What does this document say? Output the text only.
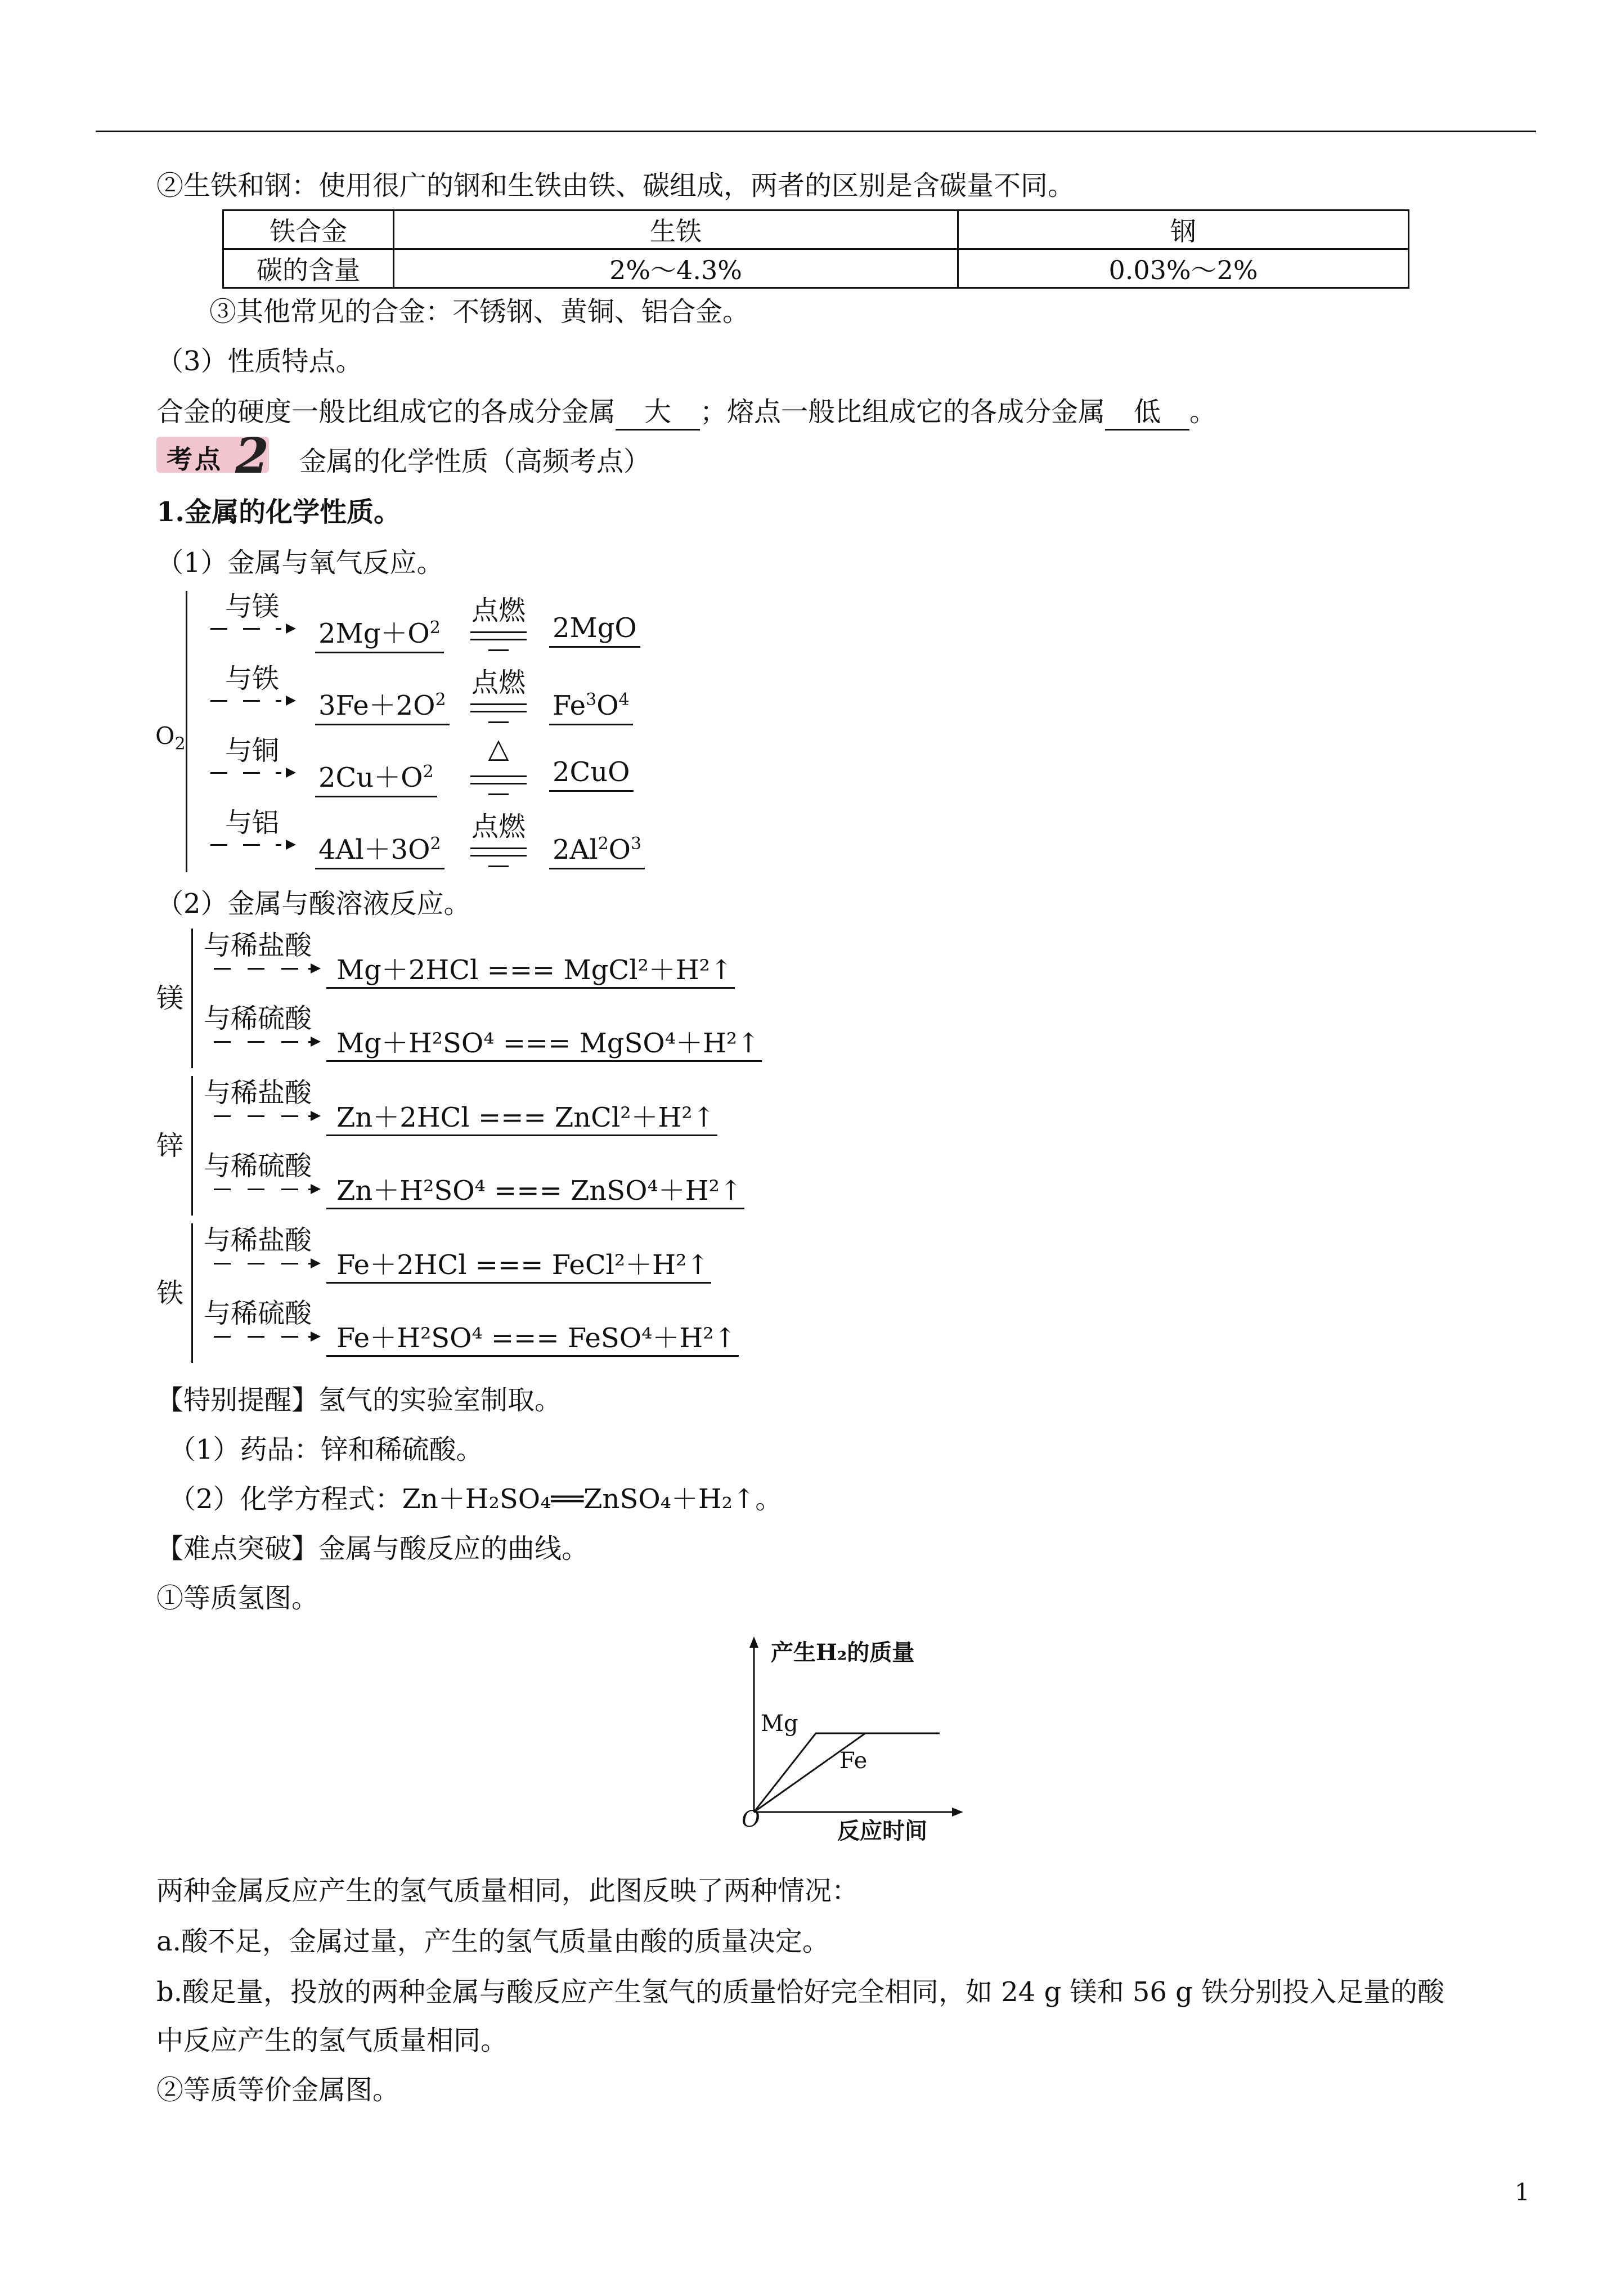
②生铁和钢：使用很广的钢和生铁由铁、碳组成，两者的区别是含碳量不同。
铁合金	生铁	钢
碳的含量	2%～4.3%	0.03%～2%
③其他常见的合金：不锈钢、黄铜、铝合金。
（3）性质特点。
合金的硬度一般比组成它的各成分金属 大 ；熔点一般比组成它的各成分金属 低 。
考点 2 金属的化学性质（高频考点）
1.金属的化学性质。
（1）金属与氧气反应。
$O_2$
与镁
$2Mg+O^2$
点燃
2MgO
与铁
$3Fe+2O^2$
点燃
$Fe^3O^4$
与铜
$2Cu+O^2$
△
2CuO
与铝
$4Al+3O^2$
点燃
$2Al^2O^3$
（2）金属与酸溶液反应。
镁
与稀盐酸
Mg＋2HCl === MgCl²＋H²↑
与稀硫酸
Mg＋H²SO⁴ === MgSO⁴＋H²↑
锌
与稀盐酸
Zn＋2HCl === ZnCl²＋H²↑
与稀硫酸
Zn＋H²SO⁴ === ZnSO⁴＋H²↑
铁
与稀盐酸
Fe＋2HCl === FeCl²＋H²↑
与稀硫酸
Fe＋H²SO⁴ === FeSO⁴＋H²↑
【特别提醒】氢气的实验室制取。
（1）药品：锌和稀硫酸。
（2）化学方程式：Zn＋H₂SO₄══ZnSO₄＋H₂↑。
【难点突破】金属与酸反应的曲线。
①等质氢图。
产生H₂的质量
反应时间
O
Mg
Fe
两种金属反应产生的氢气质量相同，此图反映了两种情况：
a.酸不足，金属过量，产生的氢气质量由酸的质量决定。
b.酸足量，投放的两种金属与酸反应产生氢气的质量恰好完全相同，如 24 g 镁和 56 g 铁分别投入足量的酸
中反应产生的氢气质量相同。
②等质等价金属图。
1
